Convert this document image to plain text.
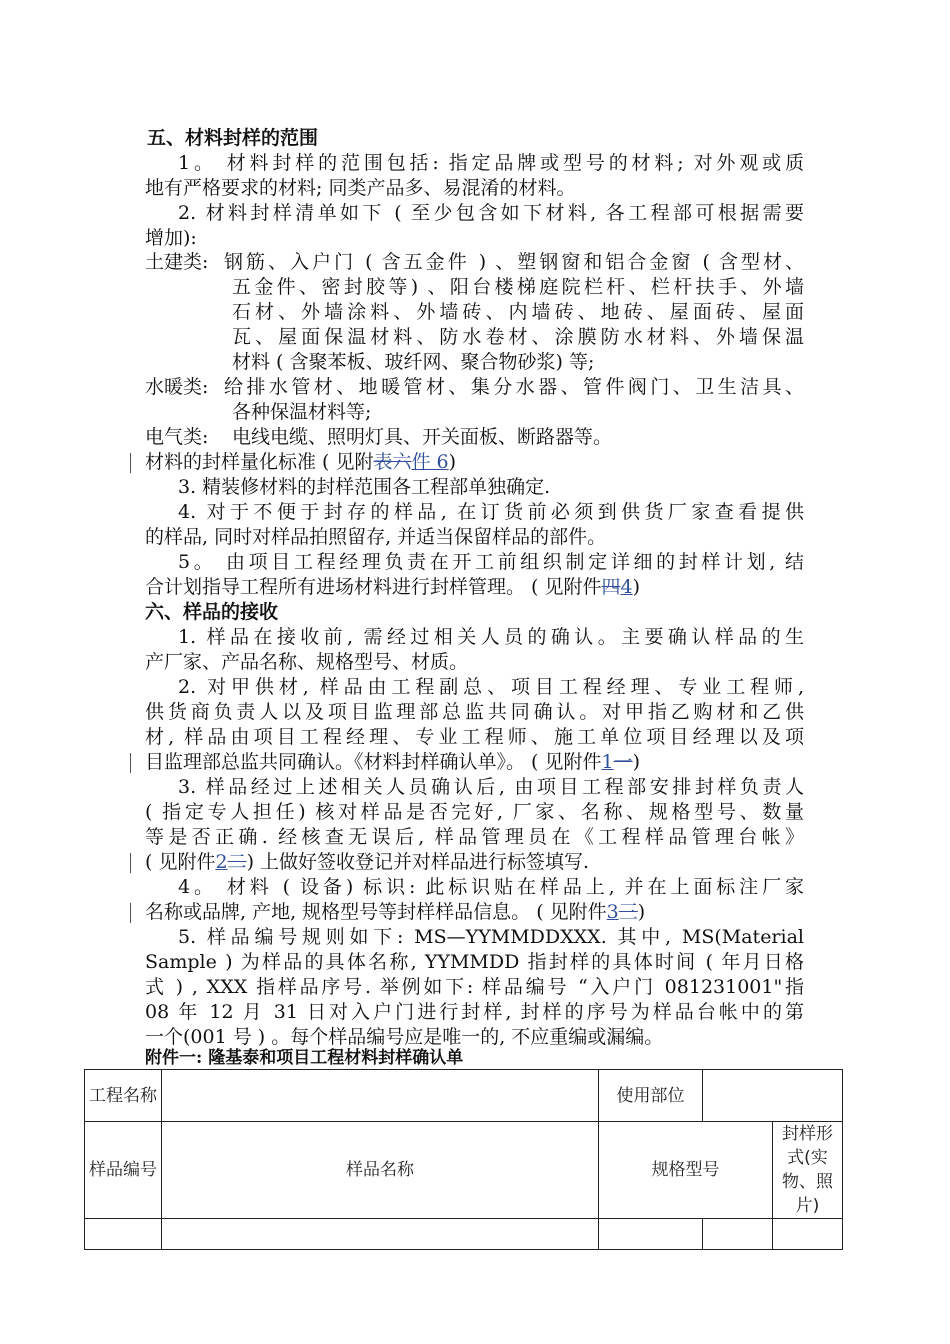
五、材料封样的范围
1。 材料封样的范围包括: 指定品牌或型号的材料; 对外观或质
地有严格要求的材料; 同类产品多、易混淆的材料。
2. 材料封样清单如下 ( 至少包含如下材料, 各工程部可根据需要
增加):
土建类: 钢筋、入户门 ( 含五金件 ) 、塑钢窗和铝合金窗 ( 含型材、
五金件、密封胶等) 、阳台楼梯庭院栏杆、栏杆扶手、外墙
石材、外墙涂料、外墙砖、内墙砖、地砖、屋面砖、屋面
瓦、屋面保温材料、防水卷材、涂膜防水材料、外墙保温
材料 ( 含聚苯板、玻纤网、聚合物砂浆) 等;
水暖类: 给排水管材、地暖管材、集分水器、管件阀门、卫生洁具、
各种保温材料等;
电气类: 电线电缆、照明灯具、开关面板、断路器等。
材料的封样量化标准 ( 见附表六件 6)
3. 精装修材料的封样范围各工程部单独确定.
4. 对于不便于封存的样品, 在订货前必须到供货厂家查看提供
的样品, 同时对样品拍照留存, 并适当保留样品的部件。
5。 由项目工程经理负责在开工前组织制定详细的封样计划, 结
合计划指导工程所有进场材料进行封样管理。 ( 见附件四4)
六、样品的接收
1. 样品在接收前, 需经过相关人员的确认。主要确认样品的生
产厂家、产品名称、规格型号、材质。
2. 对甲供材, 样品由工程副总、项目工程经理、专业工程师,
供货商负责人以及项目监理部总监共同确认。对甲指乙购材和乙供
材, 样品由项目工程经理、专业工程师、施工单位项目经理以及项
目监理部总监共同确认。《材料封样确认单》。 ( 见附件1一)
3. 样品经过上述相关人员确认后, 由项目工程部安排封样负责人
( 指定专人担任) 核对样品是否完好, 厂家、名称、规格型号、数量
等是否正确. 经核查无误后, 样品管理员在《工程样品管理台帐》
( 见附件2二) 上做好签收登记并对样品进行标签填写.
4。 材料 ( 设备) 标识: 此标识贴在样品上, 并在上面标注厂家
名称或品牌, 产地, 规格型号等封样样品信息。 ( 见附件3三)
5. 样品编号规则如下: MS—YYMMDDXXX. 其中, MS(Material
Sample ) 为样品的具体名称, YYMMDD 指封样的具体时间 ( 年月日格
式 ) , XXX 指样品序号. 举例如下: 样品编号 “入户门 081231001"指
08 年 12 月 31 日对入户门进行封样, 封样的序号为样品台帐中的第
一个(001 号 ) 。每个样品编号应是唯一的, 不应重编或漏编。
附件一: 隆基泰和项目工程材料封样确认单
工程名称		使用部位		
样品编号	样品名称	规格型号		封样形式(实物、照片)
